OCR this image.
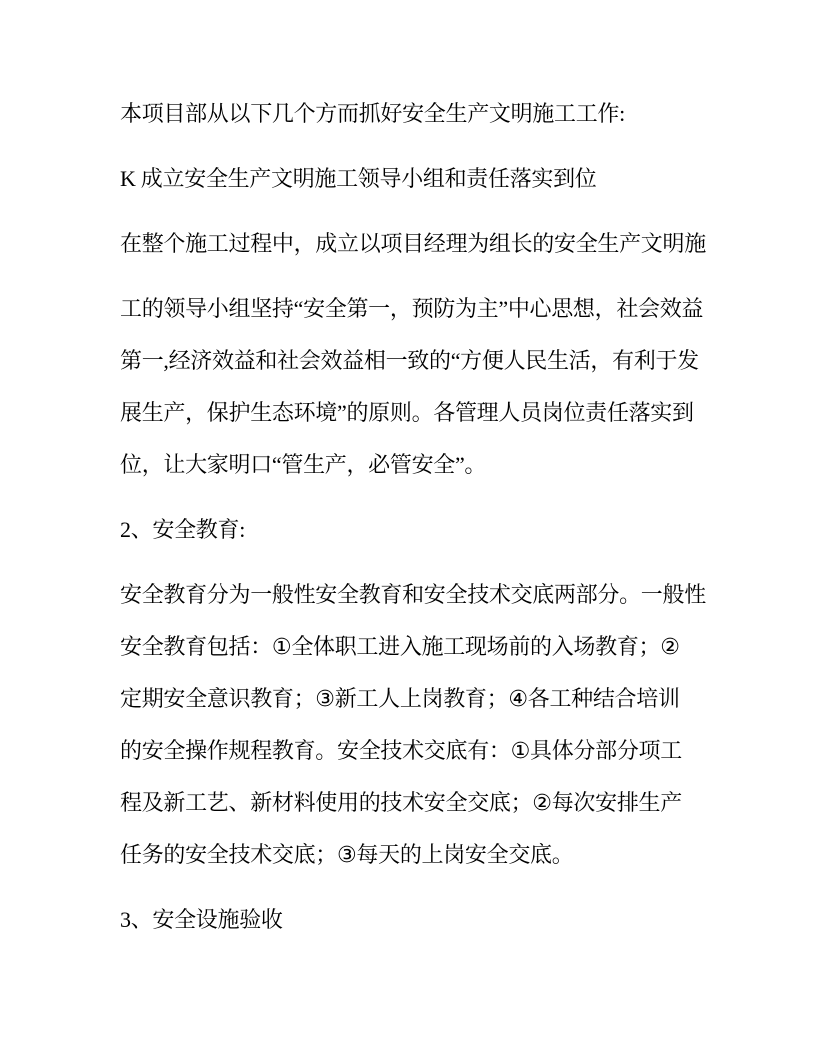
本项目部从以下几个方而抓好安全生产文明施工工作:
K 成立安全生产文明施工领导小组和责任落实到位
在整个施工过程中，成立以项目经理为组长的安全生产文明施
工的领导小组坚持“安全第一，预防为主”中心思想，社会效益
第一,经济效益和社会效益相一致的“方便人民生活，有利于发
展生产，保护生态环境”的原则。各管理人员岗位责任落实到
位，让大家明口“管生产，必管安全”。
2、安全教育:
安全教育分为一般性安全教育和安全技术交底两部分。一般性
安全教育包括：①全体职工进入施工现场前的入场教育；②
定期安全意识教育；③新工人上岗教育；④各工种结合培训
的安全操作规程教育。安全技术交底有：①具体分部分项工
程及新工艺、新材料使用的技术安全交底；②每次安排生产
任务的安全技术交底；③每天的上岗安全交底。
3、安全设施验收
